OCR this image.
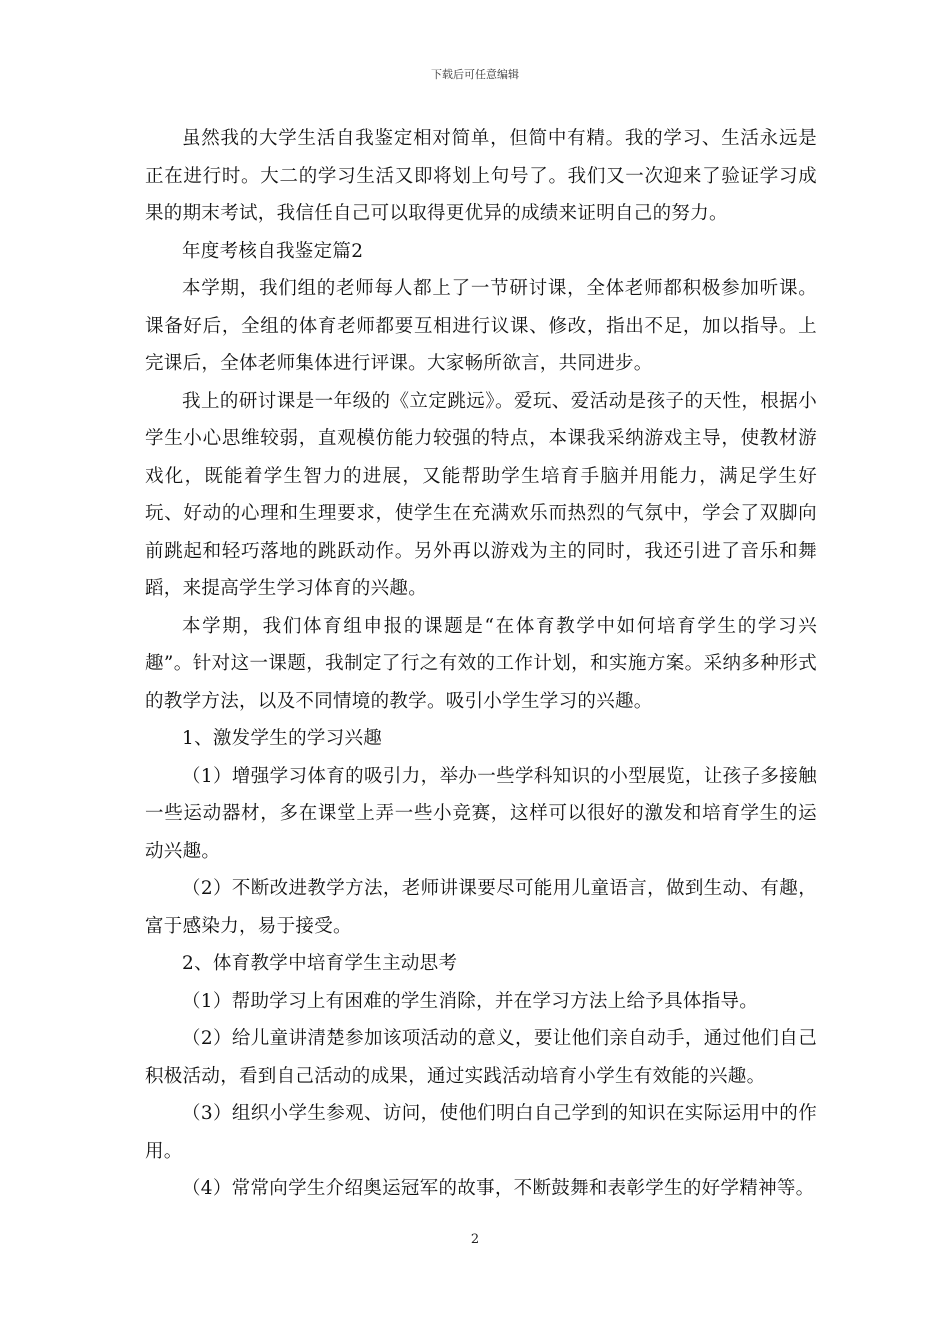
下载后可任意编辑

虽然我的大学生活自我鉴定相对简单，但简中有精。我的学习、生活永远是正在进行时。大二的学习生活又即将划上句号了。我们又一次迎来了验证学习成果的期末考试，我信任自己可以取得更优异的成绩来证明自己的努力。

年度考核自我鉴定篇2

本学期，我们组的老师每人都上了一节研讨课，全体老师都积极参加听课。课备好后，全组的体育老师都要互相进行议课、修改，指出不足，加以指导。上完课后，全体老师集体进行评课。大家畅所欲言，共同进步。

我上的研讨课是一年级的《立定跳远》。爱玩、爱活动是孩子的天性，根据小学生小心思维较弱，直观模仿能力较强的特点，本课我采纳游戏主导，使教材游戏化，既能着学生智力的进展，又能帮助学生培育手脑并用能力，满足学生好玩、好动的心理和生理要求，使学生在充满欢乐而热烈的气氛中，学会了双脚向前跳起和轻巧落地的跳跃动作。另外再以游戏为主的同时，我还引进了音乐和舞蹈，来提高学生学习体育的兴趣。

本学期，我们体育组申报的课题是“在体育教学中如何培育学生的学习兴趣”。针对这一课题，我制定了行之有效的工作计划，和实施方案。采纳多种形式的教学方法，以及不同情境的教学。吸引小学生学习的兴趣。

1、激发学生的学习兴趣

（1）增强学习体育的吸引力，举办一些学科知识的小型展览，让孩子多接触一些运动器材，多在课堂上弄一些小竞赛，这样可以很好的激发和培育学生的运动兴趣。

（2）不断改进教学方法，老师讲课要尽可能用儿童语言，做到生动、有趣，富于感染力，易于接受。

2、体育教学中培育学生主动思考

（1）帮助学习上有困难的学生消除，并在学习方法上给予具体指导。

（2）给儿童讲清楚参加该项活动的意义，要让他们亲自动手，通过他们自己积极活动，看到自己活动的成果，通过实践活动培育小学生有效能的兴趣。

（3）组织小学生参观、访问，使他们明白自己学到的知识在实际运用中的作用。

（4）常常向学生介绍奥运冠军的故事，不断鼓舞和表彰学生的好学精神等。

2
